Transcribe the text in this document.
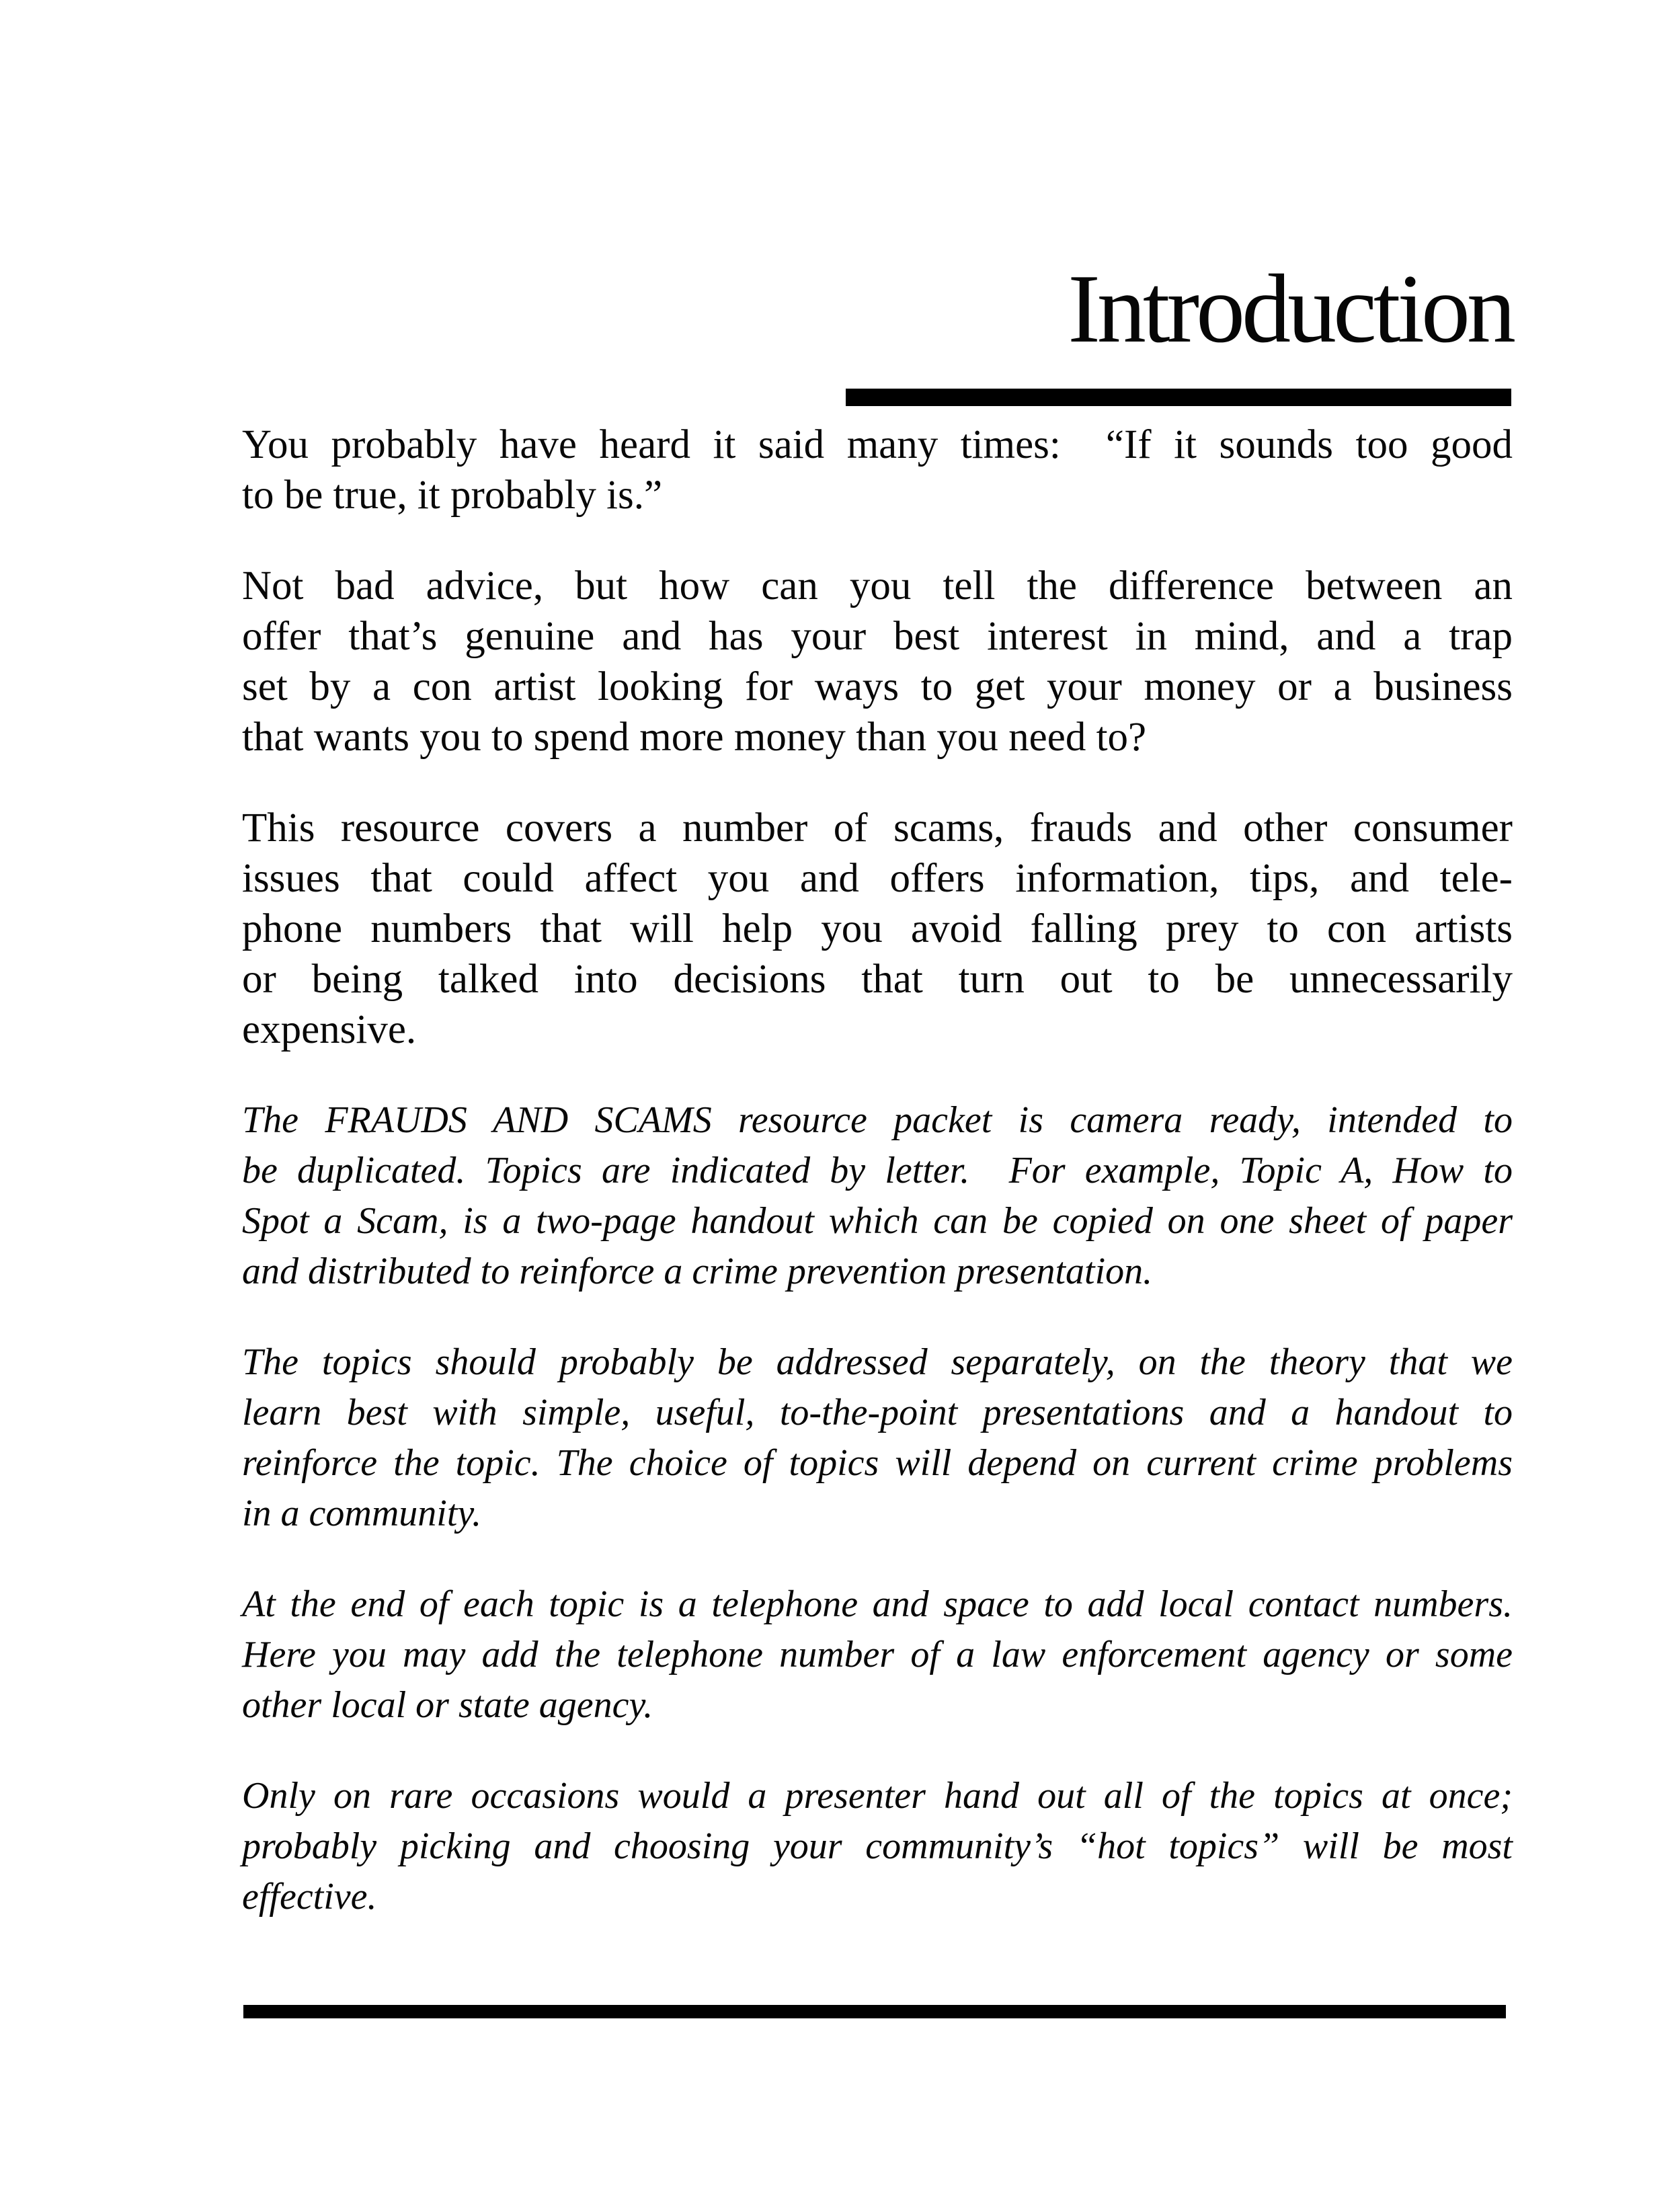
Introduction
You probably have heard it said many times:  “If it sounds too good
to be true, it probably is.”
Not bad advice, but how can you tell the difference between an
offer that’s genuine and has your best interest in mind, and a trap
set by a con artist looking for ways to get your money or a business
that wants you to spend more money than you need to?
This resource covers a number of scams, frauds and other consumer
issues that could affect you and offers information, tips, and tele-
phone numbers that will help you avoid falling prey to con artists
or being talked into decisions that turn out to be unnecessarily
expensive.
The FRAUDS AND SCAMS resource packet is camera ready, intended to
be duplicated. Topics are indicated by letter.  For example, Topic A, How to
Spot a Scam, is a two-page handout which can be copied on one sheet of paper
and distributed to reinforce a crime prevention presentation.
The topics should probably be addressed separately, on the theory that we
learn best with simple, useful, to-the-point presentations and a handout to
reinforce the topic. The choice of topics will depend on current crime problems
in a community.
At the end of each topic is a telephone and space to add local contact numbers.
Here you may add the telephone number of a law enforcement agency or some
other local or state agency.
Only on rare occasions would a presenter hand out all of the topics at once;
probably picking and choosing your community’s “hot topics” will be most
effective.
